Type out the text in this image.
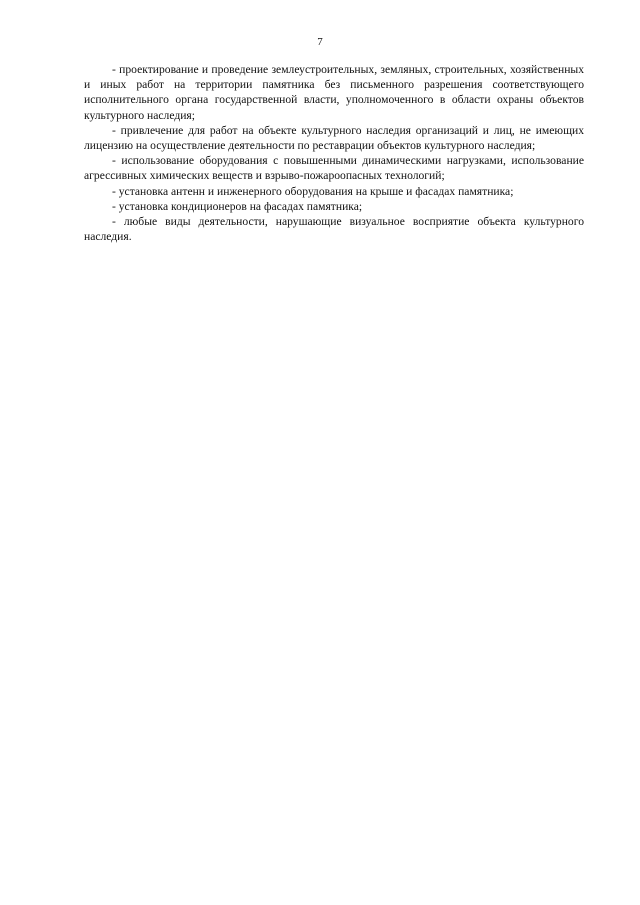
7

- проектирование и проведение землеустроительных, земляных, строительных, хозяйственных и иных работ на территории памятника без письменного разрешения соответствующего исполнительного органа государственной власти, уполномоченного в области охраны объектов культурного наследия;

- привлечение для работ на объекте культурного наследия организаций и лиц, не имеющих лицензию на осуществление деятельности по реставрации объектов культурного наследия;

- использование оборудования с повышенными динамическими нагрузками, использование агрессивных химических веществ и взрыво-пожароопасных технологий;

- установка антенн и инженерного оборудования на крыше и фасадах памятника;

- установка кондиционеров на фасадах памятника;

- любые виды деятельности, нарушающие визуальное восприятие объекта культурного наследия.
